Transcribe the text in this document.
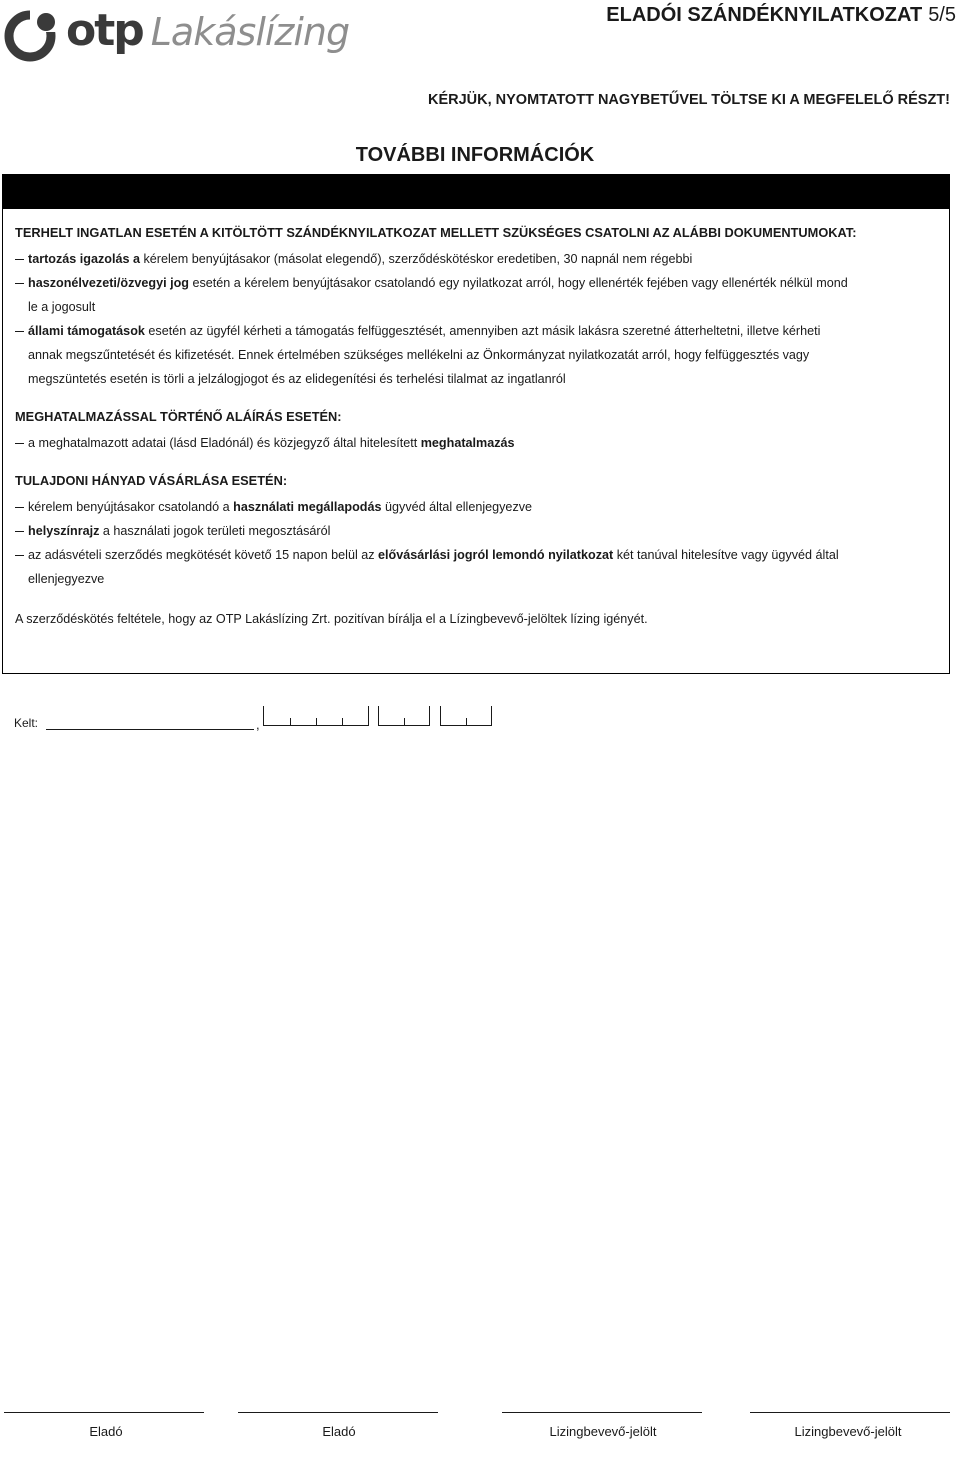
otp Lakáslízing	ELADÓI SZÁNDÉKNYILATKOZAT 5/5
KÉRJÜK, NYOMTATOTT NAGYBETŰVEL TÖLTSE KI A MEGFELELŐ RÉSZT!
TOVÁBBI INFORMÁCIÓK
TERHELT INGATLAN ESETÉN A KITÖLTÖTT SZÁNDÉKNYILATKOZAT MELLETT SZÜKSÉGES CSATOLNI AZ ALÁBBI DOKUMENTUMOKAT:
tartozás igazolás a kérelem benyújtásakor (másolat elegendő), szerződéskötéskor eredetiben, 30 napnál nem régebbi
haszonélvezeti/özvegyi jog esetén a kérelem benyújtásakor csatolandó egy nyilatkozat arról, hogy ellenérték fejében vagy ellenérték nélkül mond
le a jogosult
állami támogatások esetén az ügyfél kérheti a támogatás felfüggesztését, amennyiben azt másik lakásra szeretné átterheltetni, illetve kérheti
annak megszűntetését és kifizetését. Ennek értelmében szükséges mellékelni az Önkormányzat nyilatkozatát arról, hogy felfüggesztés vagy
megszüntetés esetén is törli a jelzálogjogot és az elidegenítési és terhelési tilalmat az ingatlanról
MEGHATALMAZÁSSAL TÖRTÉNŐ ALÁÍRÁS ESETÉN:
a meghatalmazott adatai (lásd Eladónál) és közjegyző által hitelesített meghatalmazás
TULAJDONI HÁNYAD VÁSÁRLÁSA ESETÉN:
kérelem benyújtásakor csatolandó a használati megállapodás ügyvéd által ellenjegyezve
helyszínrajz a használati jogok területi megosztásáról
az adásvételi szerződés megkötését követő 15 napon belül az elővásárlási jogról lemondó nyilatkozat két tanúval hitelesítve vagy ügyvéd által
ellenjegyezve
A szerződéskötés feltétele, hogy az OTP Lakáslízing Zrt. pozitívan bírálja el a Lízingbevevő-jelöltek lízing igényét.
Kelt:	,
Eladó	Eladó	Lizingbevevő-jelölt	Lizingbevevő-jelölt
